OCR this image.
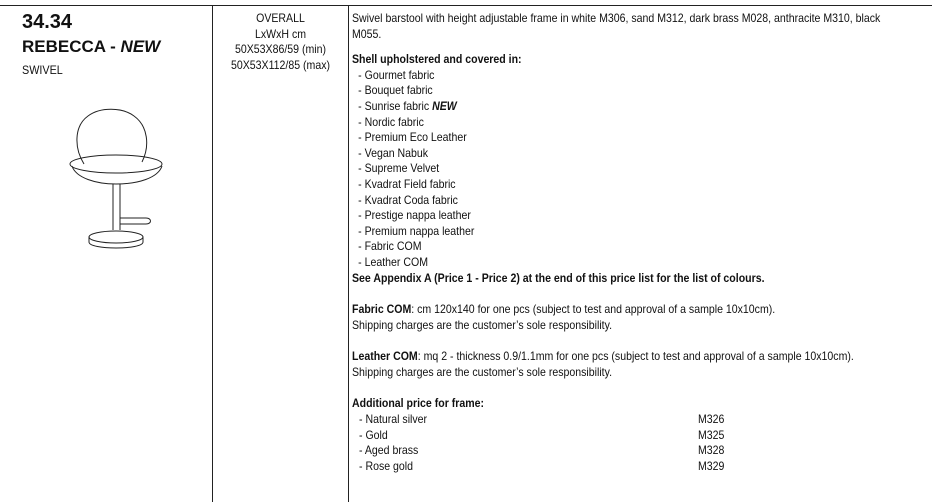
34.34
REBECCA - NEW
SWIVEL
OVERALL
LxWxH cm
50X53X86/59 (min)
50X53X112/85 (max)
Swivel barstool with height adjustable frame in white M306, sand M312, dark brass M028, anthracite M310, black
M055.
Shell upholstered and covered in:
- Gourmet fabric
- Bouquet fabric
- Sunrise fabric NEW
- Nordic fabric
- Premium Eco Leather
- Vegan Nabuk
- Supreme Velvet
- Kvadrat Field fabric
- Kvadrat Coda fabric
- Prestige nappa leather
- Premium nappa leather
- Fabric COM
- Leather COM
See Appendix A (Price 1 - Price 2) at the end of this price list for the list of colours.
Fabric COM: cm 120x140 for one pcs (subject to test and approval of a sample 10x10cm).
Shipping charges are the customer’s sole responsibility.
Leather COM: mq 2 - thickness 0.9/1.1mm for one pcs (subject to test and approval of a sample 10x10cm).
Shipping charges are the customer’s sole responsibility.
Additional price for frame:
- Natural silver	M326
- Gold	M325
- Aged brass	M328
- Rose gold	M329
